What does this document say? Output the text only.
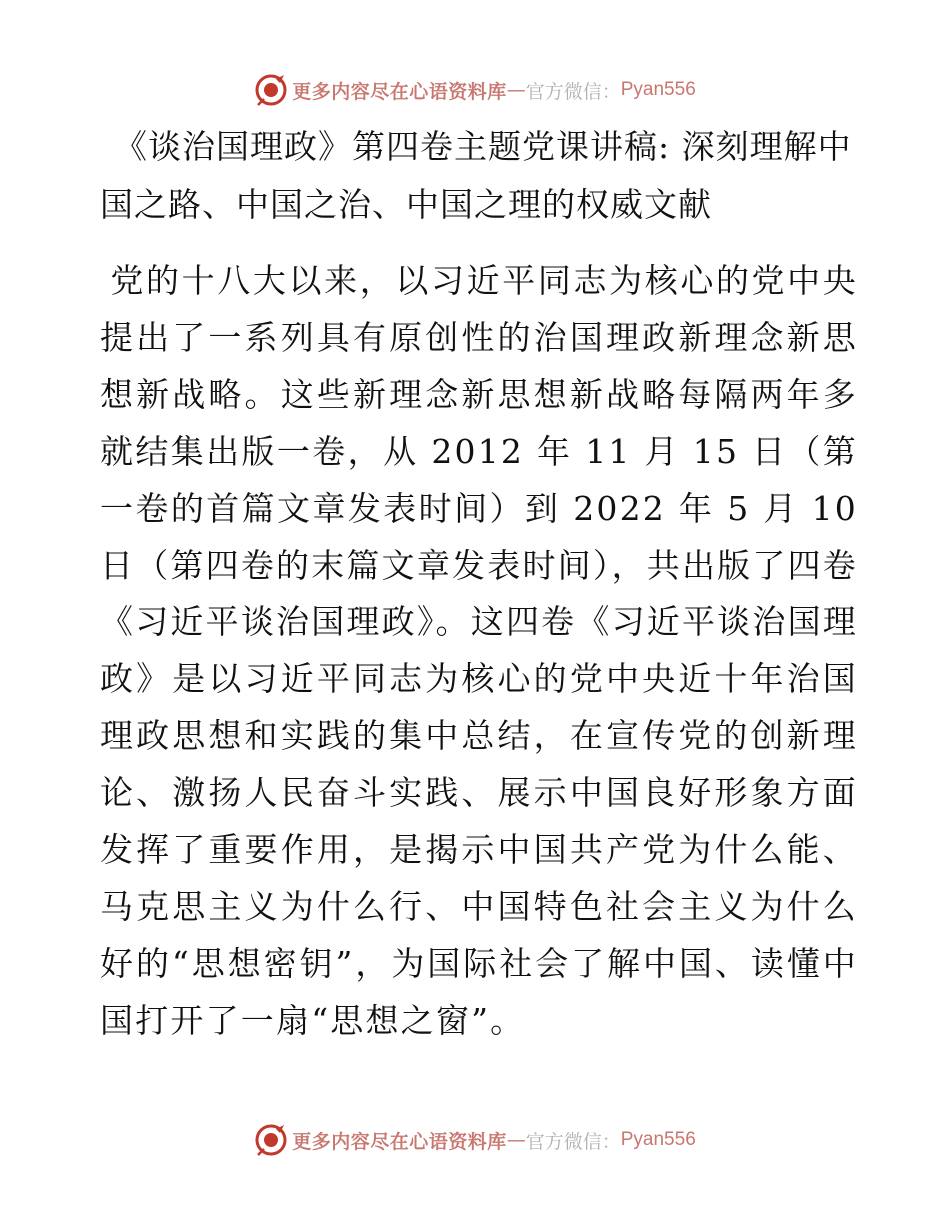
更多内容尽在心语资料库 — 官方微信： Pyan556
《谈治国理政》第四卷主题党课讲稿: 深刻理解中国之路、中国之治、中国之理的权威文献

党的十八大以来，以习近平同志为核心的党中央提出了一系列具有原创性的治国理政新理念新思想新战略。这些新理念新思想新战略每隔两年多就结集出版一卷，从 2012 年 11 月 15 日（第一卷的首篇文章发表时间）到 2022 年 5 月 10 日（第四卷的末篇文章发表时间），共出版了四卷《习近平谈治国理政》。这四卷《习近平谈治国理政》是以习近平同志为核心的党中央近十年治国理政思想和实践的集中总结，在宣传党的创新理论、激扬人民奋斗实践、展示中国良好形象方面发挥了重要作用，是揭示中国共产党为什么能、马克思主义为什么行、中国特色社会主义为什么好的“思想密钥”，为国际社会了解中国、读懂中国打开了一扇“思想之窗”。

更多内容尽在心语资料库 — 官方微信： Pyan556
